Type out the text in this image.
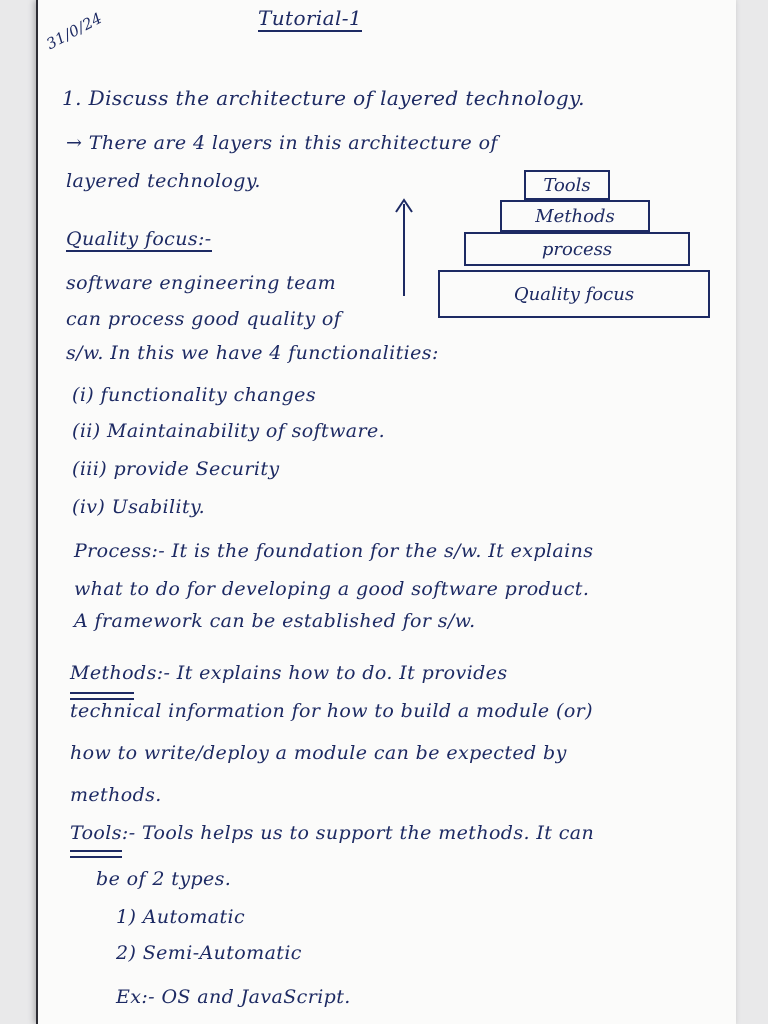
31/0/24	Tutorial-1
1. Discuss the architecture of layered technology.
→ There are 4 layers in this architecture of
layered technology.	Tools
Methods
process
Quality focus
Quality focus:-
software engineering team
can process good quality of
s/w. In this we have 4 functionalities:
(i) functionality changes
(ii) Maintainability of software.
(iii) provide Security
(iv) Usability.
Process:- It is the foundation for the s/w. It explains
what to do for developing a good software product.
A framework can be established for s/w.
Methods:- It explains how to do. It provides
technical information for how to build a module (or)
how to write/deploy a module can be expected by
methods.
Tools:- Tools helps us to support the methods. It can
be of 2 types.
1) Automatic
2) Semi-Automatic
Ex:- OS and JavaScript.
